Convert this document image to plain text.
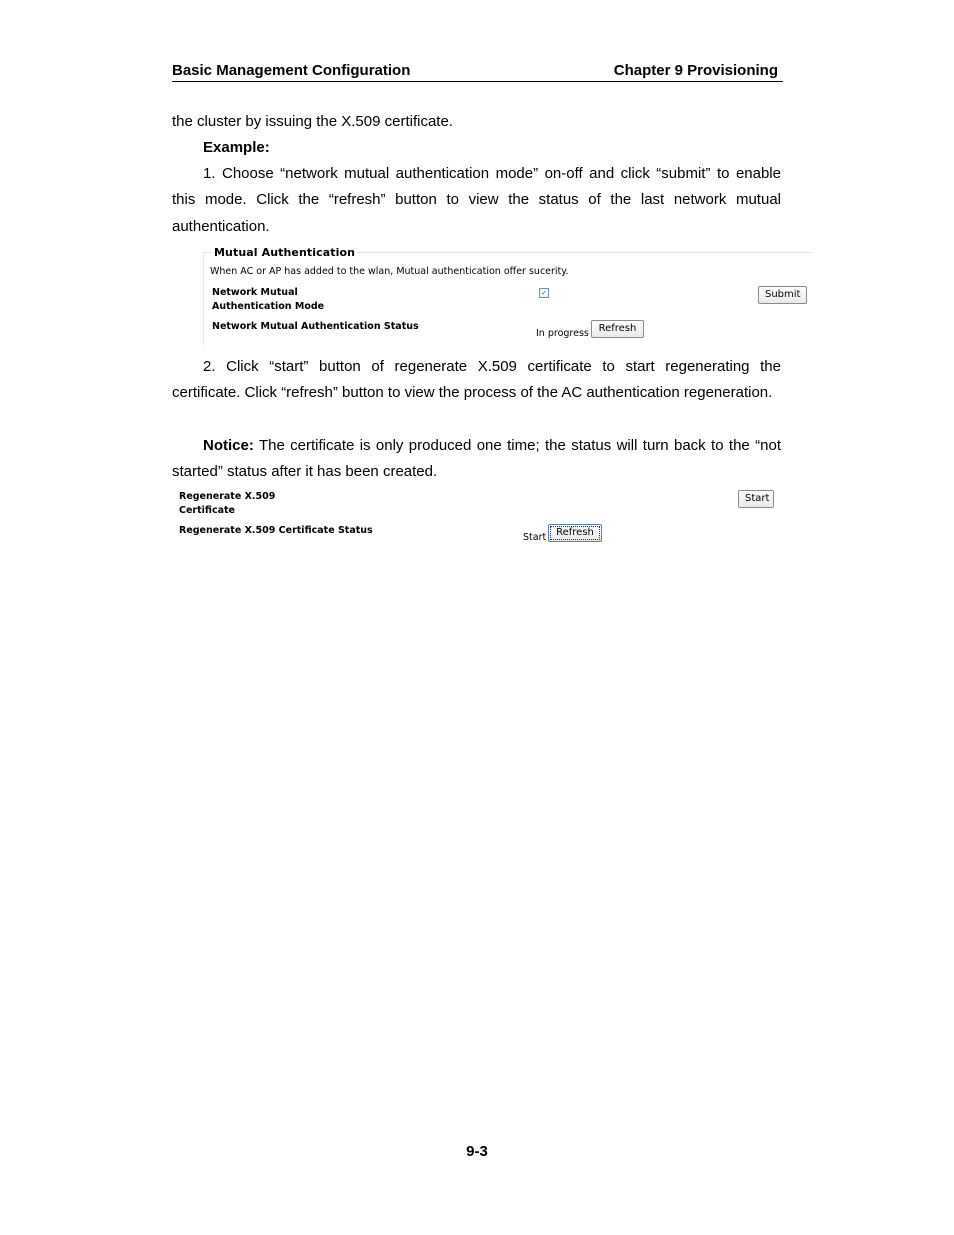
Basic Management Configuration	Chapter 9 Provisioning
the cluster by issuing the X.509 certificate.
Example:
1. Choose “network mutual authentication mode” on-off and click “submit” to enable this mode. Click the “refresh” button to view the status of the last network mutual authentication.
Mutual Authentication
When AC or AP has added to the wlan, Mutual authentication offer sucerity.
Network Mutual
Authentication Mode
✓	Submit
Network Mutual Authentication Status
In progress Refresh
2. Click “start” button of regenerate X.509 certificate to start regenerating the certificate. Click “refresh” button to view the process of the AC authentication regeneration.
Notice: The certificate is only produced one time; the status will turn back to the “not started” status after it has been created.
Regenerate X.509
Certificate
Start
Regenerate X.509 Certificate Status
Start Refresh
9-3
